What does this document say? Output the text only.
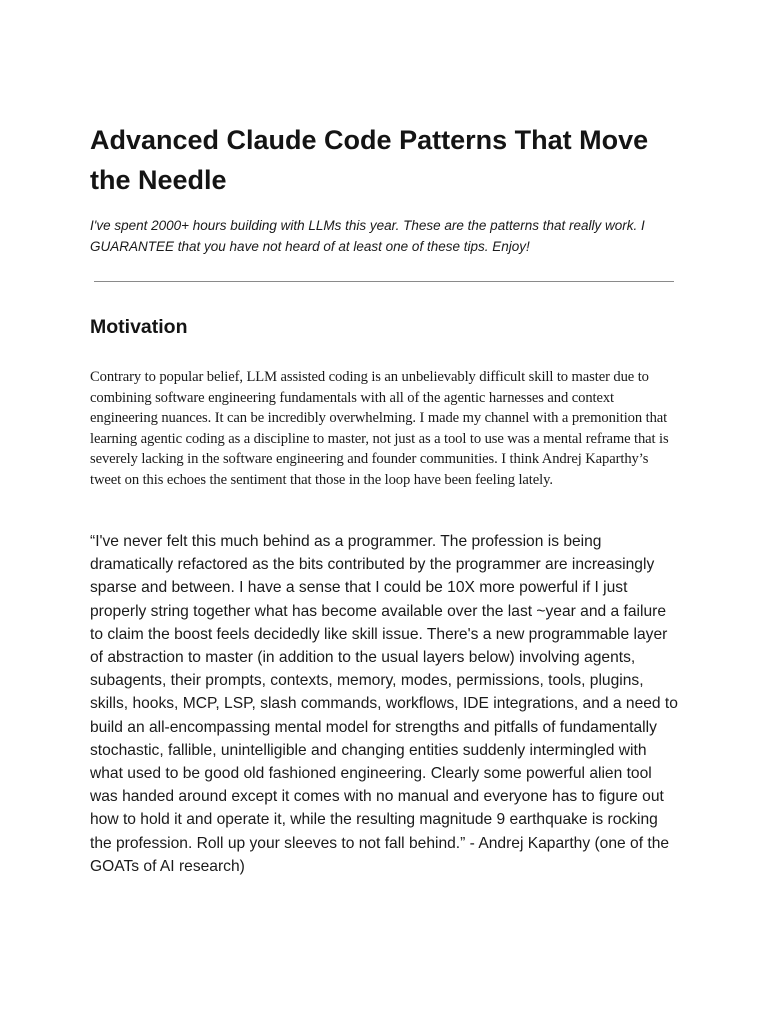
Advanced Claude Code Patterns That Move the Needle

I've spent 2000+ hours building with LLMs this year. These are the patterns that really work. I GUARANTEE that you have not heard of at least one of these tips. Enjoy!

Motivation

Contrary to popular belief, LLM assisted coding is an unbelievably difficult skill to master due to combining software engineering fundamentals with all of the agentic harnesses and context engineering nuances. It can be incredibly overwhelming. I made my channel with a premonition that learning agentic coding as a discipline to master, not just as a tool to use was a mental reframe that is severely lacking in the software engineering and founder communities. I think Andrej Kaparthy’s tweet on this echoes the sentiment that those in the loop have been feeling lately.

“I've never felt this much behind as a programmer. The profession is being dramatically refactored as the bits contributed by the programmer are increasingly sparse and between. I have a sense that I could be 10X more powerful if I just properly string together what has become available over the last ~year and a failure to claim the boost feels decidedly like skill issue. There's a new programmable layer of abstraction to master (in addition to the usual layers below) involving agents, subagents, their prompts, contexts, memory, modes, permissions, tools, plugins, skills, hooks, MCP, LSP, slash commands, workflows, IDE integrations, and a need to build an all-encompassing mental model for strengths and pitfalls of fundamentally stochastic, fallible, unintelligible and changing entities suddenly intermingled with what used to be good old fashioned engineering. Clearly some powerful alien tool was handed around except it comes with no manual and everyone has to figure out how to hold it and operate it, while the resulting magnitude 9 earthquake is rocking the profession. Roll up your sleeves to not fall behind.” - Andrej Kaparthy (one of the GOATs of AI research)
